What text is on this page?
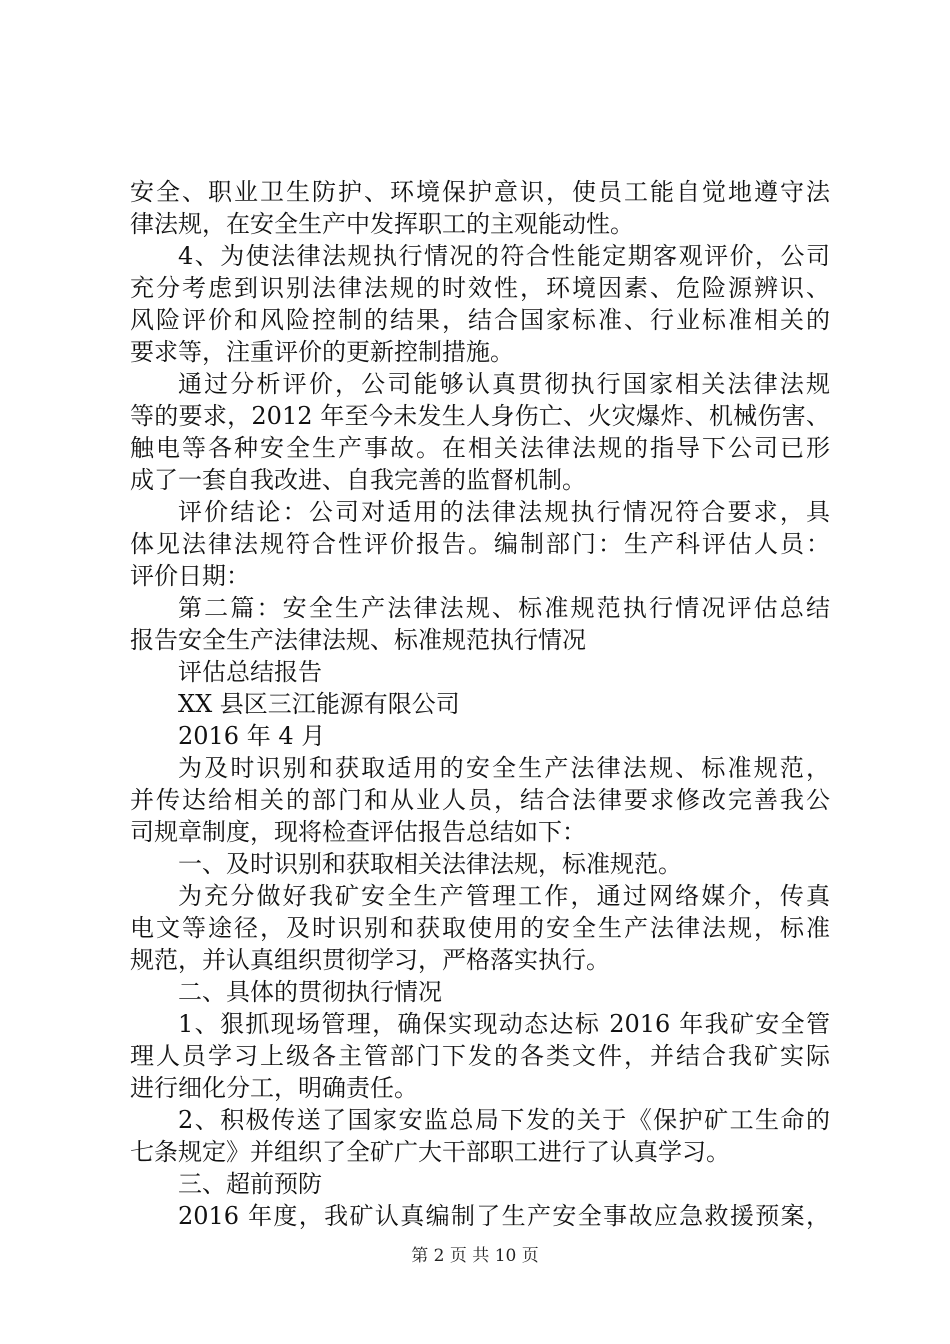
安全、职业卫生防护、环境保护意识，使员工能自觉地遵守法
律法规，在安全生产中发挥职工的主观能动性。
4、为使法律法规执行情况的符合性能定期客观评价，公司
充分考虑到识别法律法规的时效性，环境因素、危险源辨识、
风险评价和风险控制的结果，结合国家标准、行业标准相关的
要求等，注重评价的更新控制措施。
通过分析评价，公司能够认真贯彻执行国家相关法律法规
等的要求，2012 年至今未发生人身伤亡、火灾爆炸、机械伤害、
触电等各种安全生产事故。在相关法律法规的指导下公司已形
成了一套自我改进、自我完善的监督机制。
评价结论：公司对适用的法律法规执行情况符合要求，具
体见法律法规符合性评价报告。编制部门：生产科评估人员：
评价日期：
第二篇：安全生产法律法规、标准规范执行情况评估总结
报告安全生产法律法规、标准规范执行情况
评估总结报告
XX 县区三江能源有限公司
2016 年 4 月
为及时识别和获取适用的安全生产法律法规、标准规范，
并传达给相关的部门和从业人员，结合法律要求修改完善我公
司规章制度，现将检查评估报告总结如下：
一、及时识别和获取相关法律法规，标准规范。
为充分做好我矿安全生产管理工作，通过网络媒介，传真
电文等途径，及时识别和获取使用的安全生产法律法规，标准
规范，并认真组织贯彻学习，严格落实执行。
二、具体的贯彻执行情况
1、狠抓现场管理，确保实现动态达标 2016 年我矿安全管
理人员学习上级各主管部门下发的各类文件，并结合我矿实际
进行细化分工，明确责任。
2、积极传送了国家安监总局下发的关于《保护矿工生命的
七条规定》并组织了全矿广大干部职工进行了认真学习。
三、超前预防
2016 年度，我矿认真编制了生产安全事故应急救援预案，
第 2 页 共 10 页
